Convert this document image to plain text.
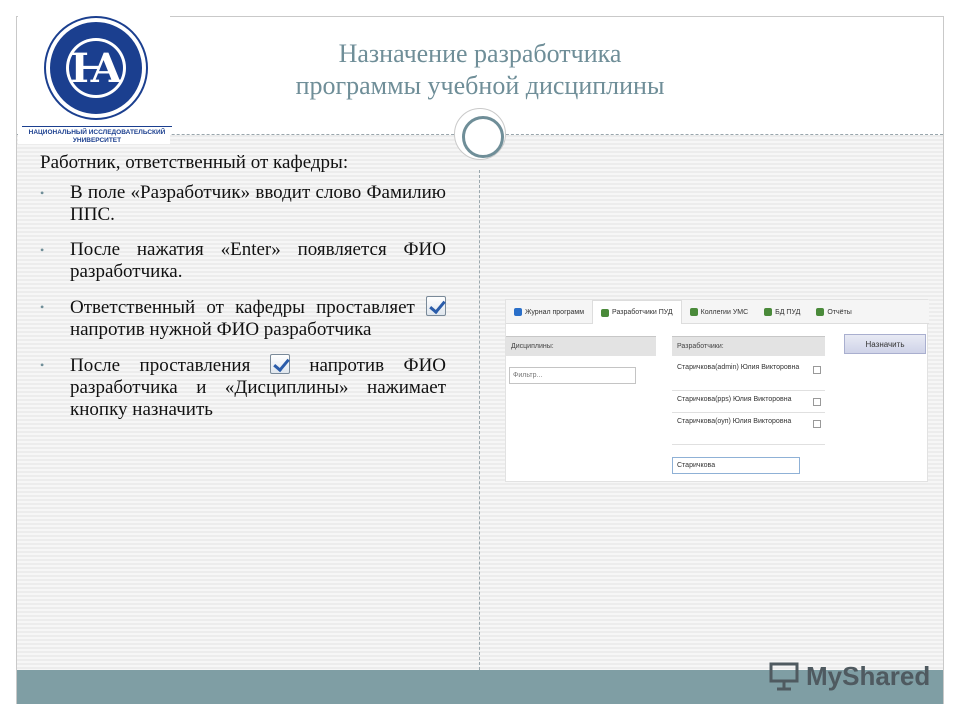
Ꙗ
НАЦИОНАЛЬНЫЙ ИССЛЕДОВАТЕЛЬСКИЙ УНИВЕРСИТЕТ
Назначение разработчика
программы учебной дисциплины
Работник, ответственный от кафедры:
• В поле «Разработчик» вводит слово Фамилию ППС.
• После нажатия «Enter» появляется ФИО разработчика.
• Ответственный от кафедры проставляет напротив нужной ФИО разработчика
• После проставления	напротив ФИО разработчика и «Дисциплины» нажимает кнопку назначить
Журнал программ	Разработчики ПУД	Коллегии УМС	БД ПУД	Отчёты
Дисциплины:	Разработчики:	Назначить
Фильтр...
Старичкова(admin) Юлия Викторовна
Старичкова(pps) Юлия Викторовна
Старичкова(оуп) Юлия Викторовна
Старичкова
MyShared
